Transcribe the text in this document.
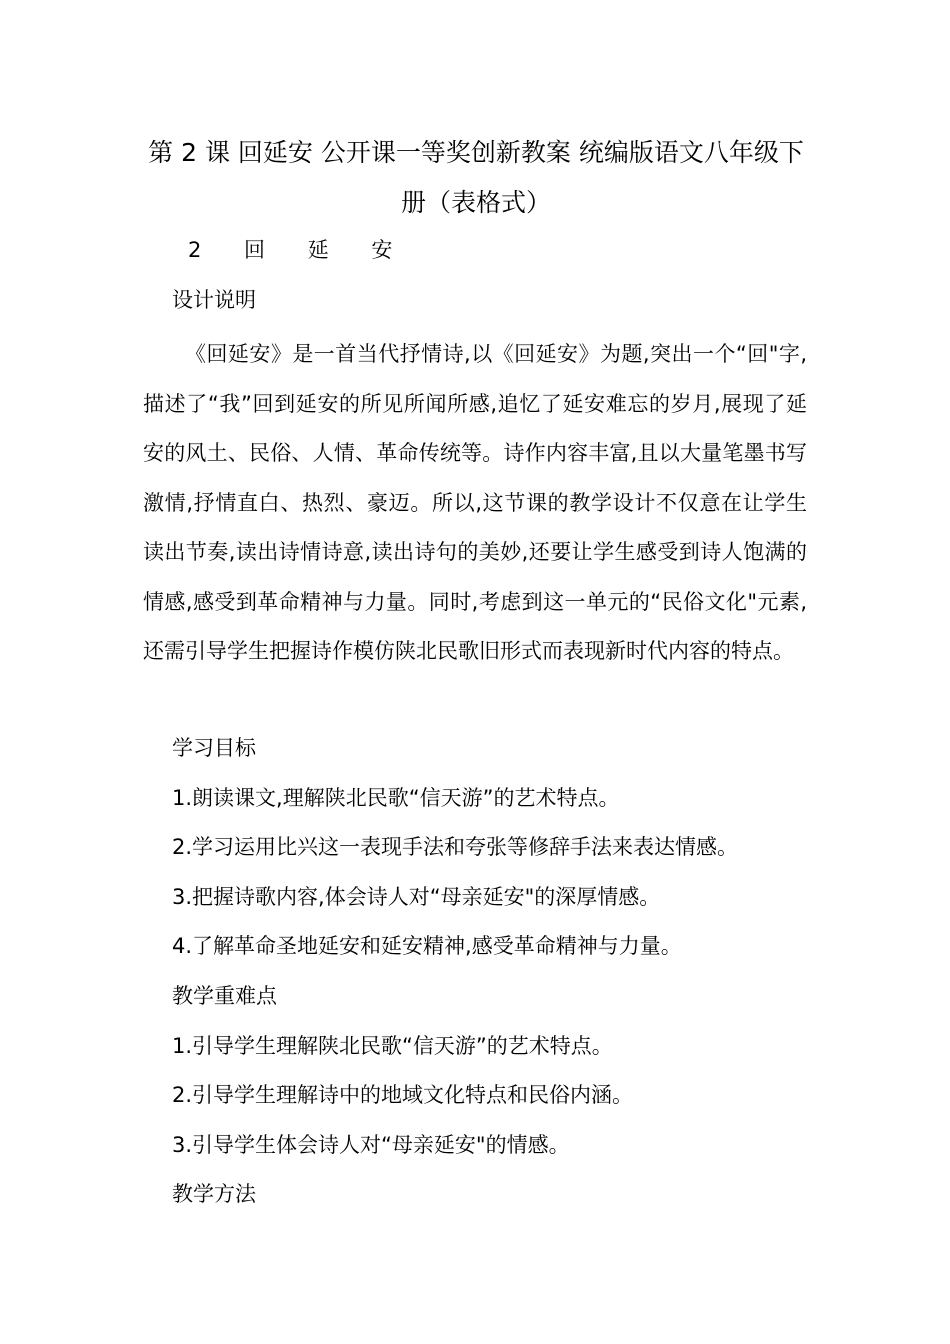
第 2 课 回延安 公开课一等奖创新教案 统编版语文八年级下册（表格式）

2 回 延 安

设计说明

《回延安》是一首当代抒情诗,以《回延安》为题,突出一个“回"字,描述了“我”回到延安的所见所闻所感,追忆了延安难忘的岁月,展现了延安的风土、民俗、人情、革命传统等。诗作内容丰富,且以大量笔墨书写激情,抒情直白、热烈、豪迈。所以,这节课的教学设计不仅意在让学生读出节奏,读出诗情诗意,读出诗句的美妙,还要让学生感受到诗人饱满的情感,感受到革命精神与力量。同时,考虑到这一单元的“民俗文化"元素,还需引导学生把握诗作模仿陕北民歌旧形式而表现新时代内容的特点。

学习目标

1.朗读课文,理解陕北民歌“信天游”的艺术特点。

2.学习运用比兴这一表现手法和夸张等修辞手法来表达情感。

3.把握诗歌内容,体会诗人对“母亲延安"的深厚情感。

4.了解革命圣地延安和延安精神,感受革命精神与力量。

教学重难点

1.引导学生理解陕北民歌“信天游”的艺术特点。

2.引导学生理解诗中的地域文化特点和民俗内涵。

3.引导学生体会诗人对“母亲延安"的情感。

教学方法
